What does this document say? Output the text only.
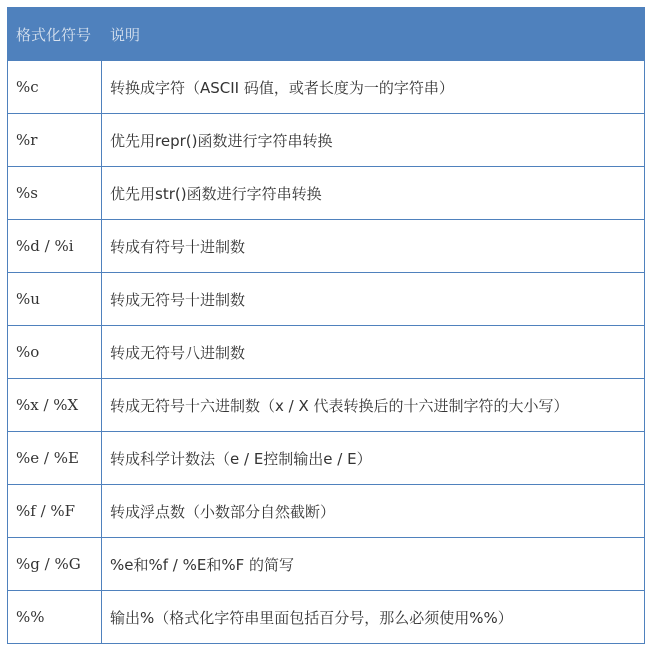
格式化符号	说明
%c	转换成字符（ASCII 码值，或者长度为一的字符串）
%r	优先用repr()函数进行字符串转换
%s	优先用str()函数进行字符串转换
%d / %i	转成有符号十进制数
%u	转成无符号十进制数
%o	转成无符号八进制数
%x / %X	转成无符号十六进制数（x / X 代表转换后的十六进制字符的大小写）
%e / %E	转成科学计数法（e / E控制输出e / E）
%f / %F	转成浮点数（小数部分自然截断）
%g / %G	%e和%f / %E和%F 的简写
%%	输出%（格式化字符串里面包括百分号，那么必须使用%%）
